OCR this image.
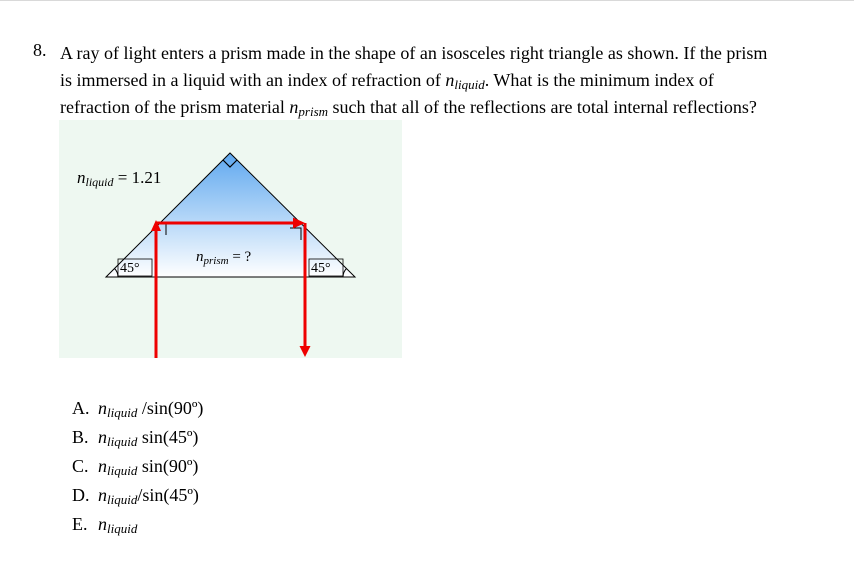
8. A ray of light enters a prism made in the shape of an isosceles right triangle as shown. If the prism
is immersed in a liquid with an index of refraction of $n_{liquid}$. What is the minimum index of
refraction of the prism material $n_{prism}$ such that all of the reflections are total internal reflections?
45°	45°
nliquid = 1.21
$n_{prism}$ = ?
A. $n_{liquid}$ /sin(90º)
B. $n_{liquid}$ sin(45º)
C. $n_{liquid}$ sin(90º)
D. $n_{liquid}/\sin(45º)$
E. $n_{liquid}$
